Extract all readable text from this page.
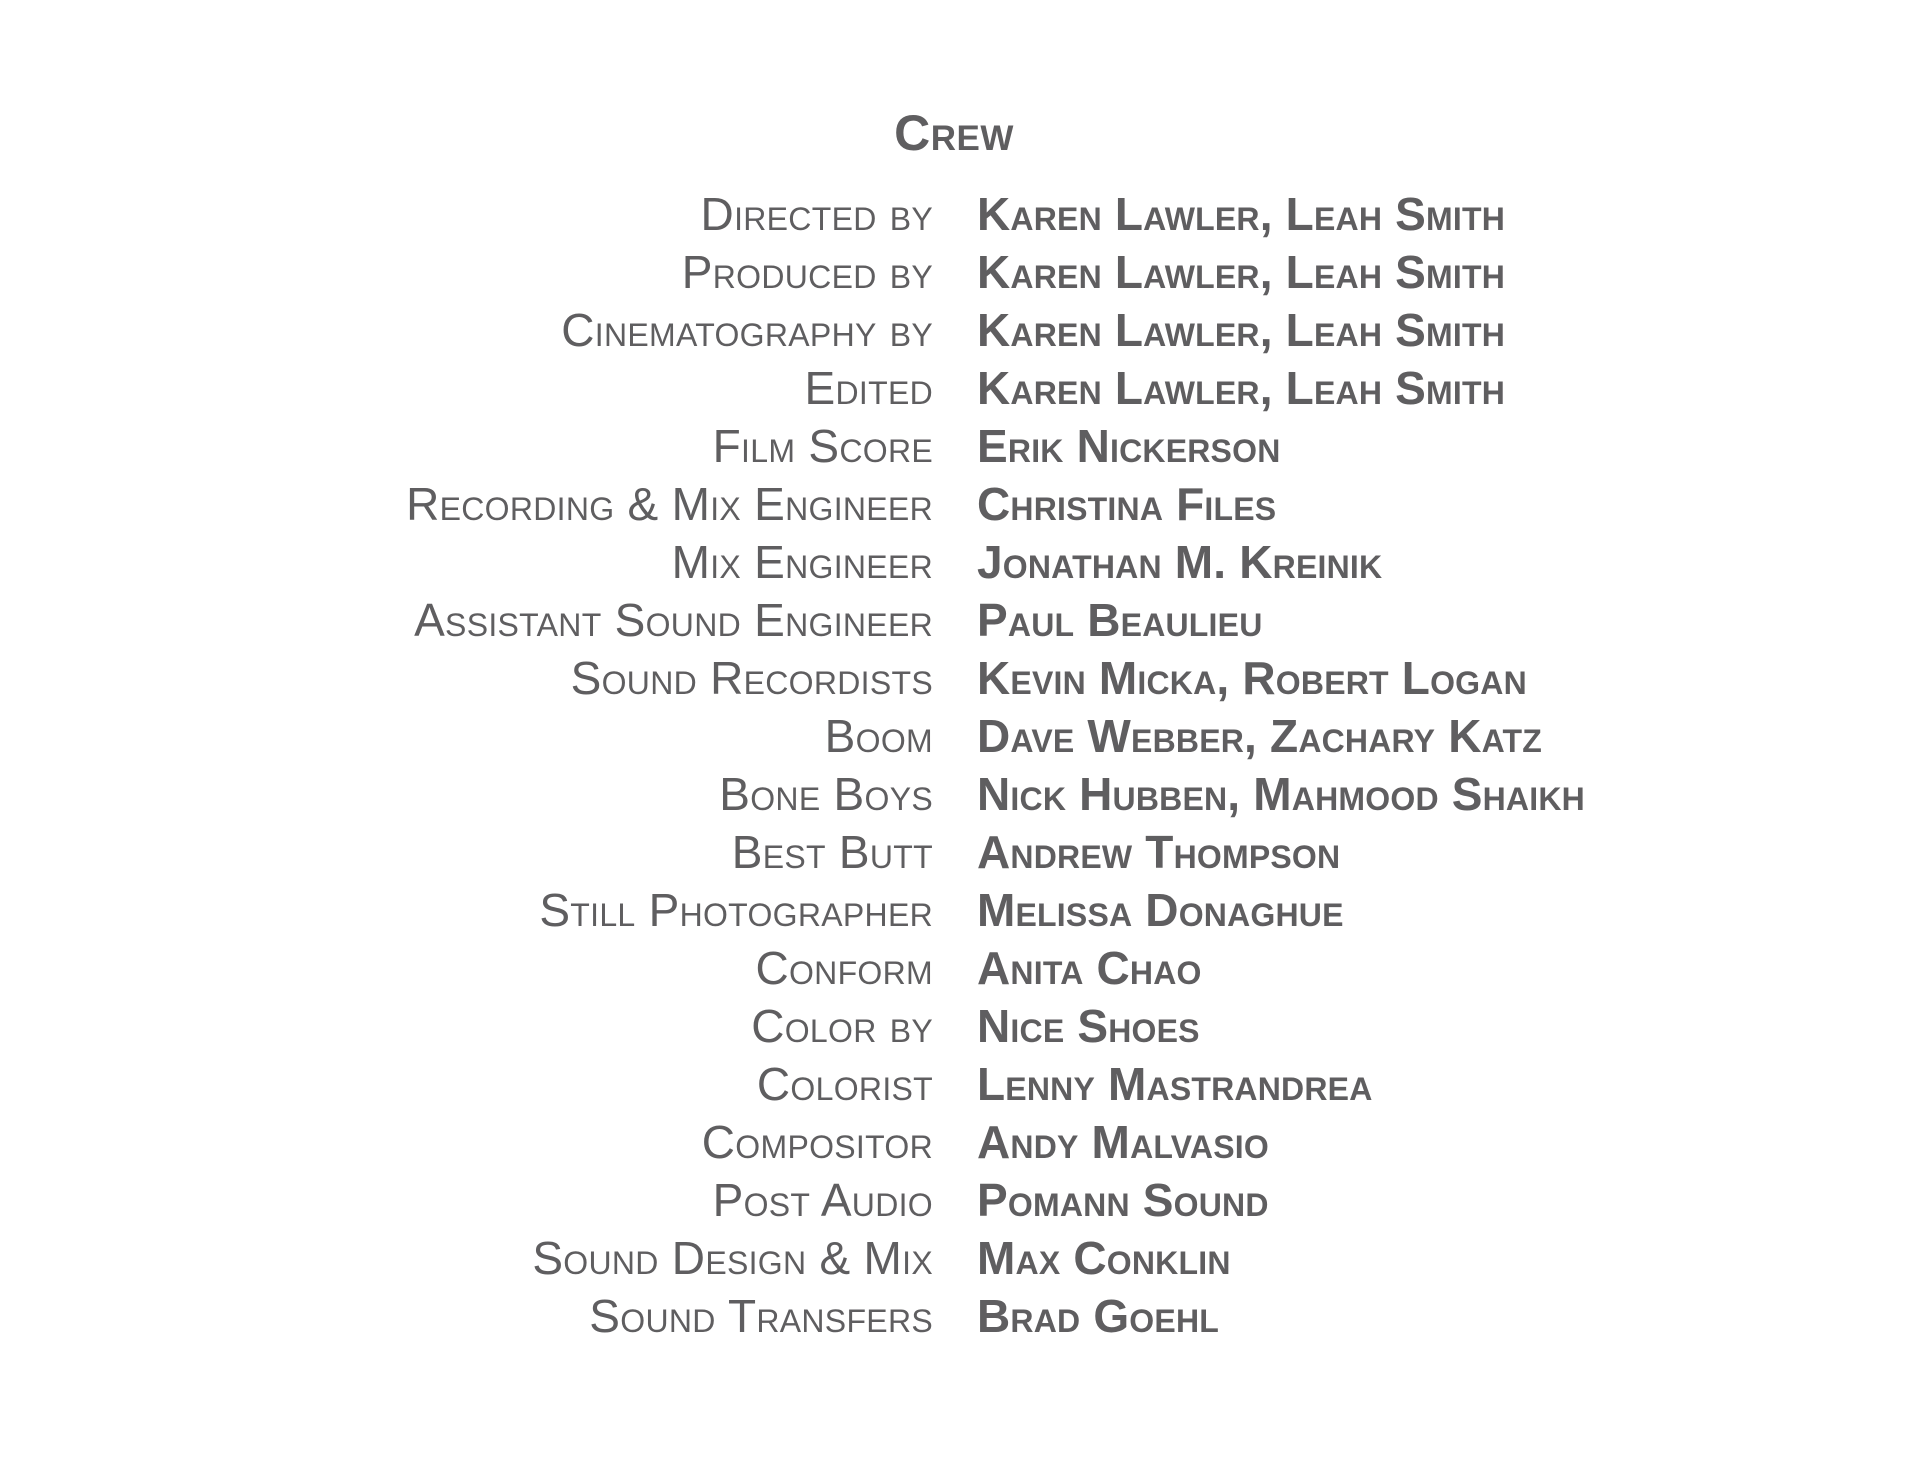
Crew
Directed by Karen Lawler, Leah Smith
Produced by Karen Lawler, Leah Smith
Cinematography by Karen Lawler, Leah Smith
Edited Karen Lawler, Leah Smith
Film Score Erik Nickerson
Recording & Mix Engineer Christina Files
Mix Engineer Jonathan M. Kreinik
Assistant Sound Engineer Paul Beaulieu
Sound Recordists Kevin Micka, Robert Logan
Boom Dave Webber, Zachary Katz
Bone Boys Nick Hubben, Mahmood Shaikh
Best Butt Andrew Thompson
Still Photographer Melissa Donaghue
Conform Anita Chao
Color by Nice Shoes
Colorist Lenny Mastrandrea
Compositor Andy Malvasio
Post Audio Pomann Sound
Sound Design & Mix Max Conklin
Sound Transfers Brad Goehl
